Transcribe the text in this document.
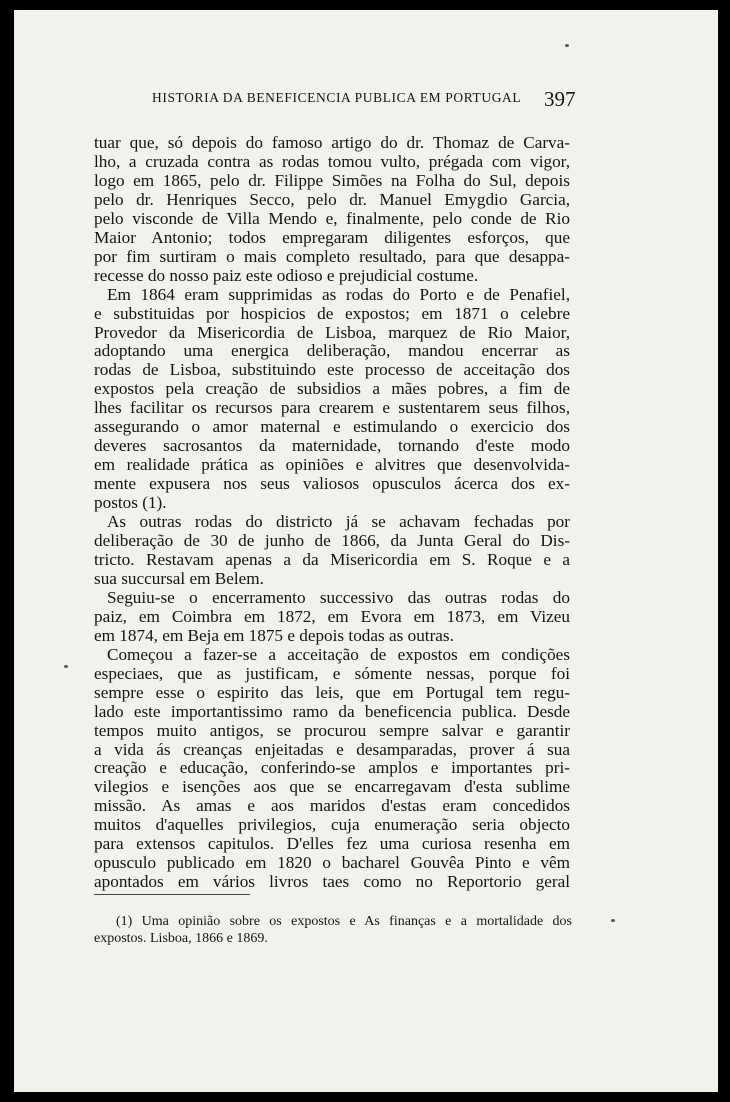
HISTORIA DA BENEFICENCIA PUBLICA EM PORTUGAL	397

tuar que, só depois do famoso artigo do dr. Thomaz de Carva-
lho, a cruzada contra as rodas tomou vulto, prégada com vigor,
logo em 1865, pelo dr. Filippe Simões na Folha do Sul, depois
pelo dr. Henriques Secco, pelo dr. Manuel Emygdio Garcia,
pelo visconde de Villa Mendo e, finalmente, pelo conde de Rio
Maior Antonio; todos empregaram diligentes esforços, que
por fim surtiram o mais completo resultado, para que desappa-
recesse do nosso paiz este odioso e prejudicial costume.

Em 1864 eram supprimidas as rodas do Porto e de Penafiel,
e substituidas por hospicios de expostos; em 1871 o celebre
Provedor da Misericordia de Lisboa, marquez de Rio Maior,
adoptando uma energica deliberação, mandou encerrar as
rodas de Lisboa, substituindo este processo de acceitação dos
expostos pela creação de subsidios a mães pobres, a fim de
lhes facilitar os recursos para crearem e sustentarem seus filhos,
assegurando o amor maternal e estimulando o exercicio dos
deveres sacrosantos da maternidade, tornando d'este modo
em realidade prática as opiniões e alvitres que desenvolvida-
mente expusera nos seus valiosos opusculos ácerca dos ex-
postos (1).

As outras rodas do districto já se achavam fechadas por
deliberação de 30 de junho de 1866, da Junta Geral do Dis-
tricto. Restavam apenas a da Misericordia em S. Roque e a
sua succursal em Belem.

Seguiu-se o encerramento successivo das outras rodas do
paiz, em Coimbra em 1872, em Evora em 1873, em Vizeu
em 1874, em Beja em 1875 e depois todas as outras.

Começou a fazer-se a acceitação de expostos em condições
especiaes, que as justificam, e sómente nessas, porque foi
sempre esse o espirito das leis, que em Portugal tem regu-
lado este importantissimo ramo da beneficencia publica. Desde
tempos muito antigos, se procurou sempre salvar e garantir
a vida ás creanças enjeitadas e desamparadas, prover á sua
creação e educação, conferindo-se amplos e importantes pri-
vilegios e isenções aos que se encarregavam d'esta sublime
missão. As amas e aos maridos d'estas eram concedidos
muitos d'aquelles privilegios, cuja enumeração seria objecto
para extensos capitulos. D'elles fez uma curiosa resenha em
opusculo publicado em 1820 o bacharel Gouvêa Pinto e vêm
apontados em vários livros taes como no Reportorio geral

(1) Uma opinião sobre os expostos e As finanças e a mortalidade dos
expostos. Lisboa, 1866 e 1869.
